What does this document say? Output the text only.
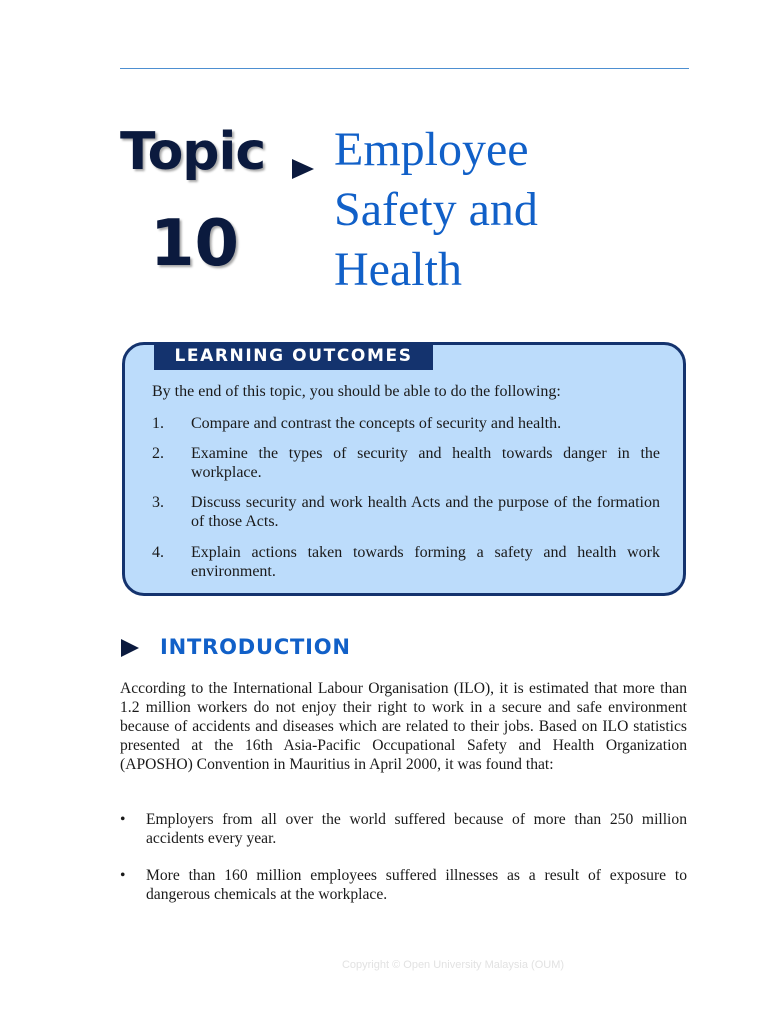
Topic
10
Employee
Safety and
Health
LEARNING OUTCOMES
By the end of this topic, you should be able to do the following:
1. Compare and contrast the concepts of security and health.
2. Examine the types of security and health towards danger in the workplace.
3. Discuss security and work health Acts and the purpose of the formation of those Acts.
4. Explain actions taken towards forming a safety and health work environment.
INTRODUCTION

According to the International Labour Organisation (ILO), it is estimated that more than 1.2 million workers do not enjoy their right to work in a secure and safe environment because of accidents and diseases which are related to their jobs. Based on ILO statistics presented at the 16th Asia-Pacific Occupational Safety and Health Organization (APOSHO) Convention in Mauritius in April 2000, it was found that:

• Employers from all over the world suffered because of more than 250 million accidents every year.
• More than 160 million employees suffered illnesses as a result of exposure to dangerous chemicals at the workplace.
Copyright © Open University Malaysia (OUM)
